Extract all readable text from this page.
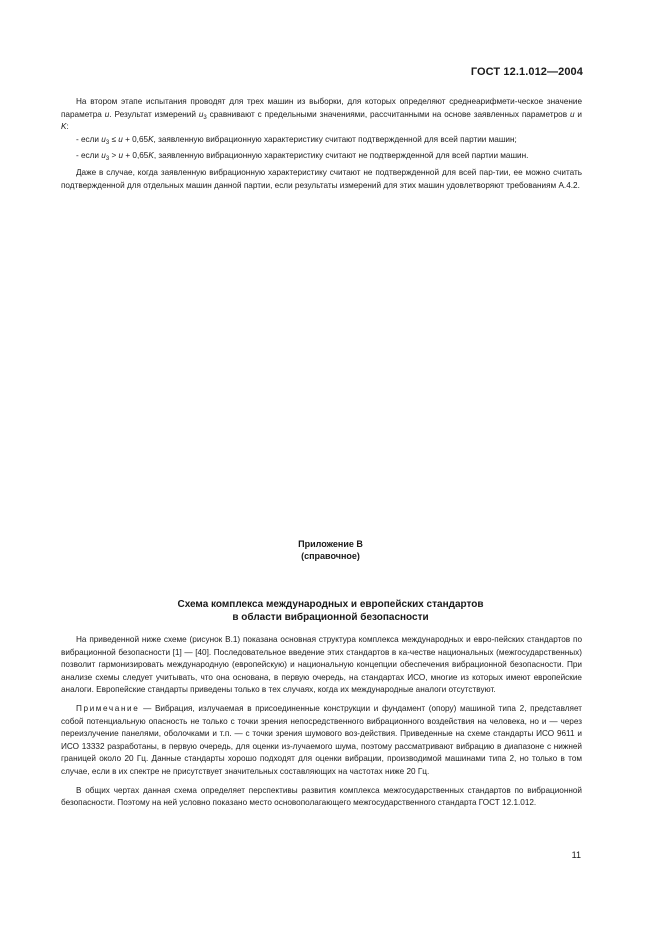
ГОСТ 12.1.012—2004

На втором этапе испытания проводят для трех машин из выборки, для которых определяют среднеарифмети-ческое значение параметра u. Результат измерений $u_3$ сравнивают с предельными значениями, рассчитанными на основе заявленных параметров u и K:

- если $u_3 \le u + 0,65K$, заявленную вибрационную характеристику считают подтвержденной для всей партии машин;

- если $u_3 > u + 0,65K$, заявленную вибрационную характеристику считают не подтвержденной для всей партии машин.

Даже в случае, когда заявленную вибрационную характеристику считают не подтвержденной для всей пар-тии, ее можно считать подтвержденной для отдельных машин данной партии, если результаты измерений для этих машин удовлетворяют требованиям А.4.2.

Приложение В
(справочное)
Схема комплекса международных и европейских стандартов
в области вибрационной безопасности

На приведенной ниже схеме (рисунок В.1) показана основная структура комплекса международных и евро-пейских стандартов по вибрационной безопасности [1] — [40]. Последовательное введение этих стандартов в ка-честве национальных (межгосударственных) позволит гармонизировать международную (европейскую) и национальную концепции обеспечения вибрационной безопасности. При анализе схемы следует учитывать, что она основана, в первую очередь, на стандартах ИСО, многие из которых имеют европейские аналоги. Европейские стандарты приведены только в тех случаях, когда их международные аналоги отсутствуют.

Примечание — Вибрация, излучаемая в присоединенные конструкции и фундамент (опору) машиной типа 2, представляет собой потенциальную опасность не только с точки зрения непосредственного вибрационного воздействия на человека, но и — через переизлучение панелями, оболочками и т.п. — с точки зрения шумового воз-действия. Приведенные на схеме стандарты ИСО 9611 и ИСО 13332 разработаны, в первую очередь, для оценки из-лучаемого шума, поэтому рассматривают вибрацию в диапазоне с нижней границей около 20 Гц. Данные стандарты хорошо подходят для оценки вибрации, производимой машинами типа 2, но только в том случае, если в их спектре не присутствует значительных составляющих на частотах ниже 20 Гц.

В общих чертах данная схема определяет перспективы развития комплекса межгосударственных стандартов по вибрационной безопасности. Поэтому на ней условно показано место основополагающего межгосударственного стандарта ГОСТ 12.1.012.

11
